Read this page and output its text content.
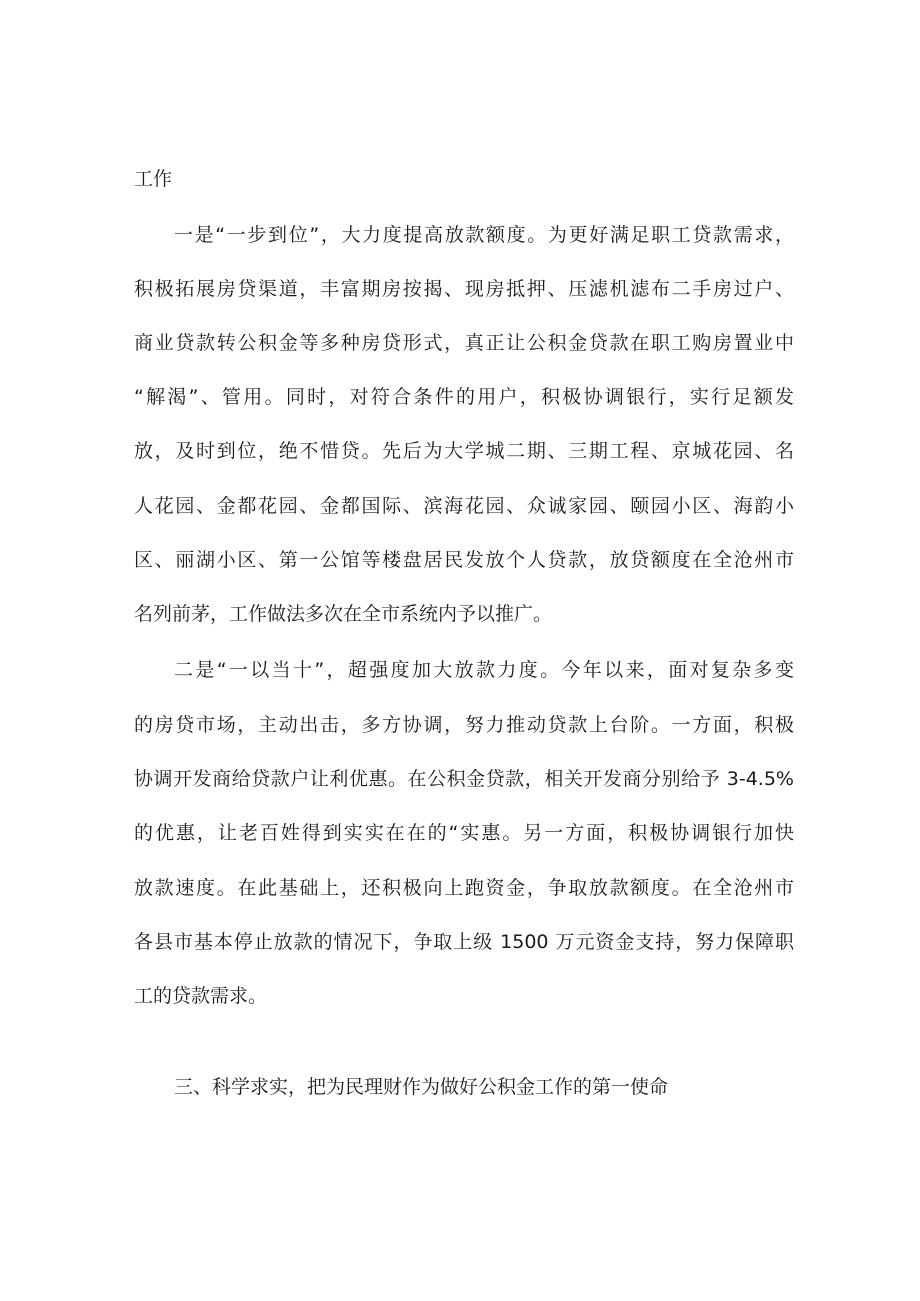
工作
一是“一步到位”，大力度提高放款额度。为更好满足职工贷款需求，
积极拓展房贷渠道，丰富期房按揭、现房抵押、压滤机滤布二手房过户、
商业贷款转公积金等多种房贷形式，真正让公积金贷款在职工购房置业中
“解渴”、管用。同时，对符合条件的用户，积极协调银行，实行足额发
放，及时到位，绝不惜贷。先后为大学城二期、三期工程、京城花园、名
人花园、金都花园、金都国际、滨海花园、众诚家园、颐园小区、海韵小
区、丽湖小区、第一公馆等楼盘居民发放个人贷款，放贷额度在全沧州市
名列前茅，工作做法多次在全市系统内予以推广。
二是“一以当十”，超强度加大放款力度。今年以来，面对复杂多变
的房贷市场，主动出击，多方协调，努力推动贷款上台阶。一方面，积极
协调开发商给贷款户让利优惠。在公积金贷款，相关开发商分别给予 3-4.5%
的优惠，让老百姓得到实实在在的“实惠。另一方面，积极协调银行加快
放款速度。在此基础上，还积极向上跑资金，争取放款额度。在全沧州市
各县市基本停止放款的情况下，争取上级 1500 万元资金支持，努力保障职
工的贷款需求。
三、科学求实，把为民理财作为做好公积金工作的第一使命
